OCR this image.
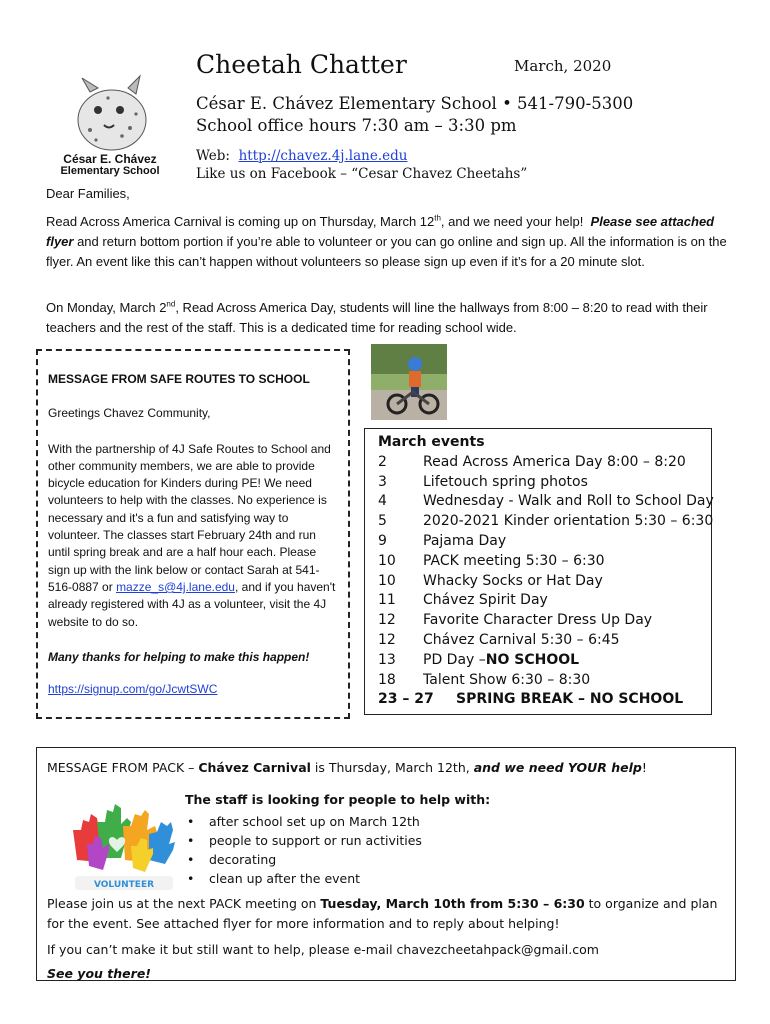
César E. Chávez
Elementary School
Cheetah Chatter	March, 2020
César E. Chávez Elementary School • 541-790-5300
School office hours 7:30 am – 3:30 pm
Web: http://chavez.4j.lane.edu
Like us on Facebook – “Cesar Chavez Cheetahs”
Dear Families,

Read Across America Carnival is coming up on Thursday, March 12th, and we need your help! Please see attached flyer and return bottom portion if you’re able to volunteer or you can go online and sign up. All the information is on the flyer. An event like this can’t happen without volunteers so please sign up even if it’s for a 20 minute slot.

On Monday, March 2nd, Read Across America Day, students will line the hallways from 8:00 – 8:20 to read with their teachers and the rest of the staff. This is a dedicated time for reading school wide.

MESSAGE FROM SAFE ROUTES TO SCHOOL

Greetings Chavez Community,

With the partnership of 4J Safe Routes to School and other community members, we are able to provide bicycle education for Kinders during PE! We need volunteers to help with the classes. No experience is necessary and it's a fun and satisfying way to volunteer. The classes start February 24th and run until spring break and are a half hour each. Please sign up with the link below or contact Sarah at 541-516-0887 or mazze_s@4j.lane.edu, and if you haven't already registered with 4J as a volunteer, visit the 4J website to do so.

Many thanks for helping to make this happen!

https://signup.com/go/JcwtSWC

March events
2	Read Across America Day 8:00 – 8:20
3	Lifetouch spring photos
4	Wednesday - Walk and Roll to School Day
5	2020-2021 Kinder orientation 5:30 – 6:30
9	Pajama Day
10	PACK meeting 5:30 – 6:30
10	Whacky Socks or Hat Day
11	Chávez Spirit Day
12	Favorite Character Dress Up Day
12	Chávez Carnival 5:30 – 6:45
13	PD Day – NO SCHOOL
18	Talent Show 6:30 – 8:30
23 – 27	SPRING BREAK – NO SCHOOL

MESSAGE FROM PACK – Chávez Carnival is Thursday, March 12th, and we need YOUR help!

The staff is looking for people to help with:

• after school set up on March 12th
• people to support or run activities
• decorating
• clean up after the event
VOLUNTEER

Please join us at the next PACK meeting on Tuesday, March 10th from 5:30 – 6:30 to organize and plan for the event. See attached flyer for more information and to reply about helping!

If you can’t make it but still want to help, please e-mail chavezcheetahpack@gmail.com

See you there!
